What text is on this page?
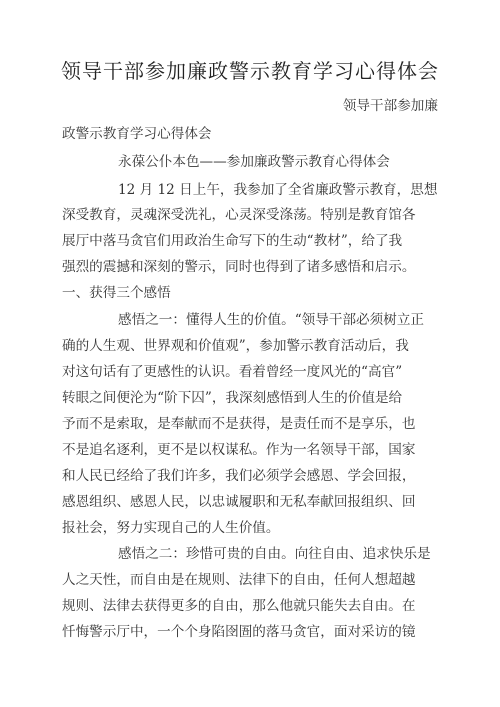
领导干部参加廉政警示教育学习心得体会
领导干部参加廉
政警示教育学习心得体会
永葆公仆本色——参加廉政警示教育心得体会
12 月 12 日上午，我参加了全省廉政警示教育，思想
深受教育，灵魂深受洗礼，心灵深受涤荡。特别是教育馆各
展厅中落马贪官们用政治生命写下的生动“教材”，给了我
强烈的震撼和深刻的警示，同时也得到了诸多感悟和启示。
一、获得三个感悟
感悟之一：懂得人生的价值。“领导干部必须树立正
确的人生观、世界观和价值观”，参加警示教育活动后，我
对这句话有了更感性的认识。看着曾经一度风光的“高官”
转眼之间便沦为“阶下囚”，我深刻感悟到人生的价值是给
予而不是索取，是奉献而不是获得，是责任而不是享乐，也
不是追名逐利，更不是以权谋私。作为一名领导干部，国家
和人民已经给了我们许多，我们必须学会感恩、学会回报，
感恩组织、感恩人民，以忠诚履职和无私奉献回报组织、回
报社会，努力实现自己的人生价值。
感悟之二：珍惜可贵的自由。向往自由、追求快乐是
人之天性，而自由是在规则、法律下的自由，任何人想超越
规则、法律去获得更多的自由，那么他就只能失去自由。在
忏悔警示厅中，一个个身陷囹圄的落马贪官，面对采访的镜
